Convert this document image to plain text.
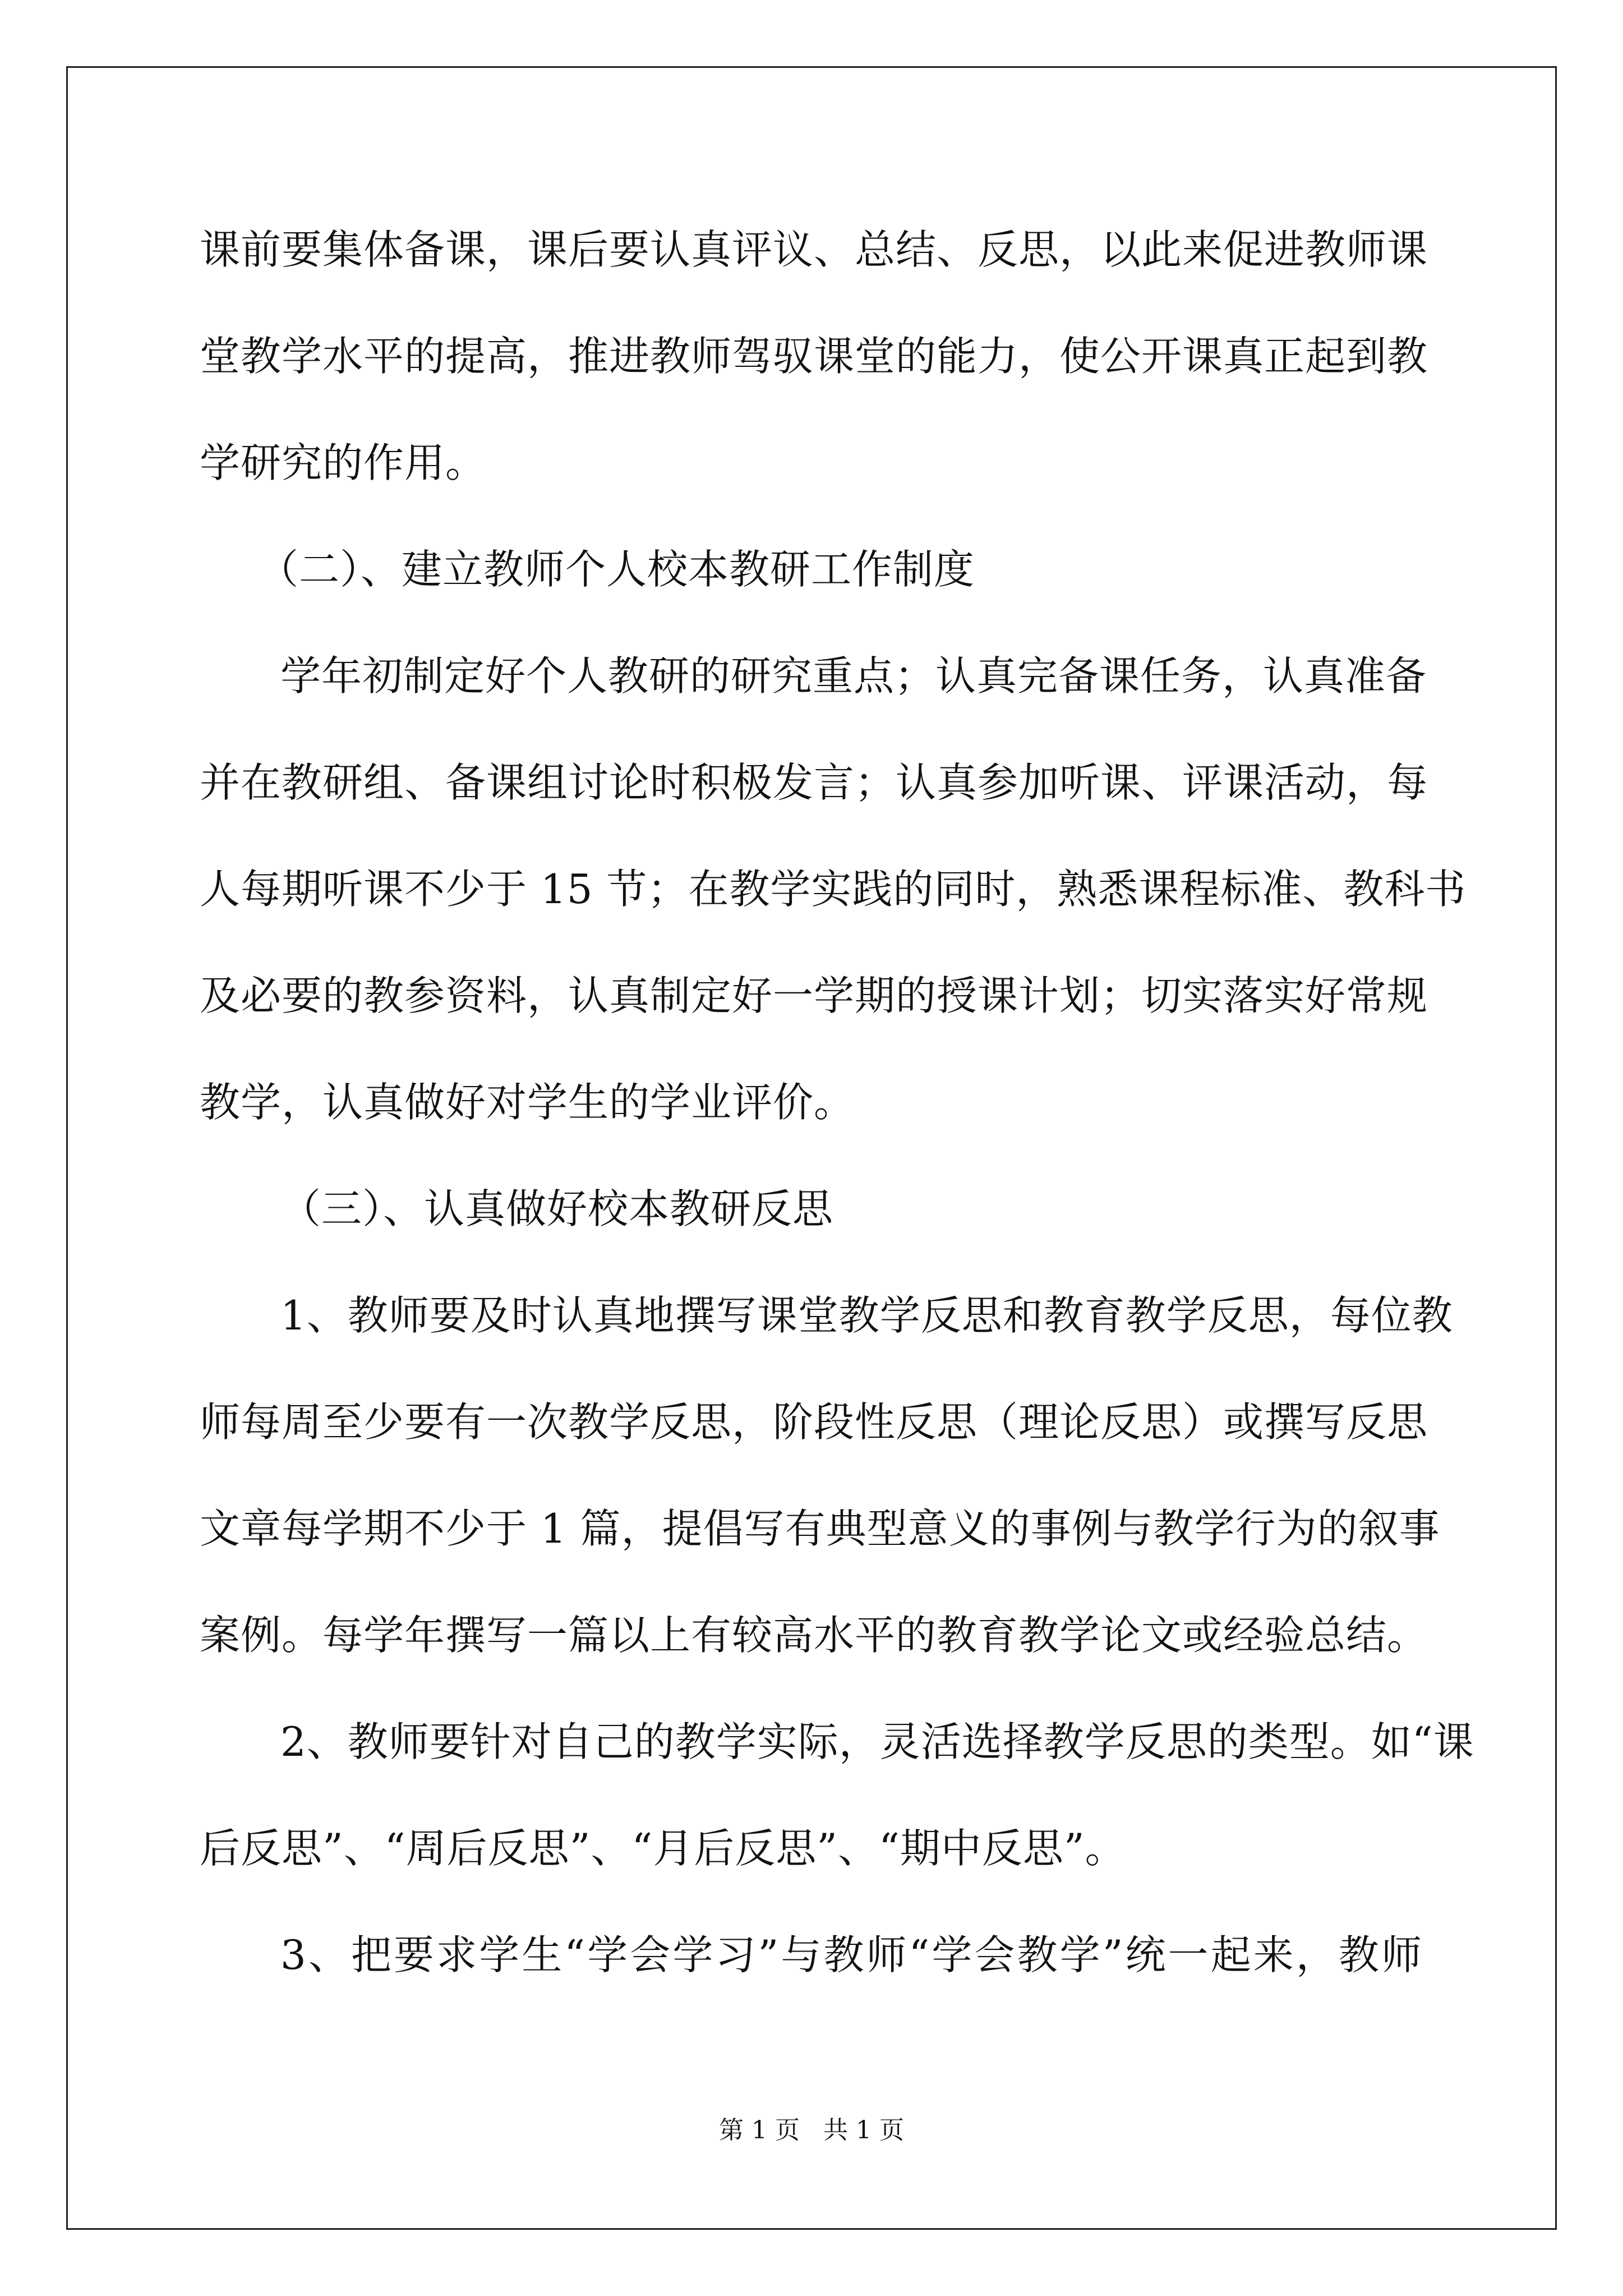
课前要集体备课，课后要认真评议、总结、反思，以此来促进教师课
堂教学水平的提高，推进教师驾驭课堂的能力，使公开课真正起到教
学研究的作用。
（二）、建立教师个人校本教研工作制度
学年初制定好个人教研的研究重点；认真完备课任务，认真准备
并在教研组、备课组讨论时积极发言；认真参加听课、评课活动，每
人每期听课不少于 15 节；在教学实践的同时，熟悉课程标准、教科书
及必要的教参资料，认真制定好一学期的授课计划；切实落实好常规
教学，认真做好对学生的学业评价。
（三）、认真做好校本教研反思
1、教师要及时认真地撰写课堂教学反思和教育教学反思，每位教
师每周至少要有一次教学反思，阶段性反思（理论反思）或撰写反思
文章每学期不少于 1 篇，提倡写有典型意义的事例与教学行为的叙事
案例。每学年撰写一篇以上有较高水平的教育教学论文或经验总结。
2、教师要针对自己的教学实际，灵活选择教学反思的类型。如“课
后反思”、“周后反思”、“月后反思”、“期中反思”。
3、把要求学生“学会学习”与教师“学会教学”统一起来，教师
第 1 页 共 1 页
